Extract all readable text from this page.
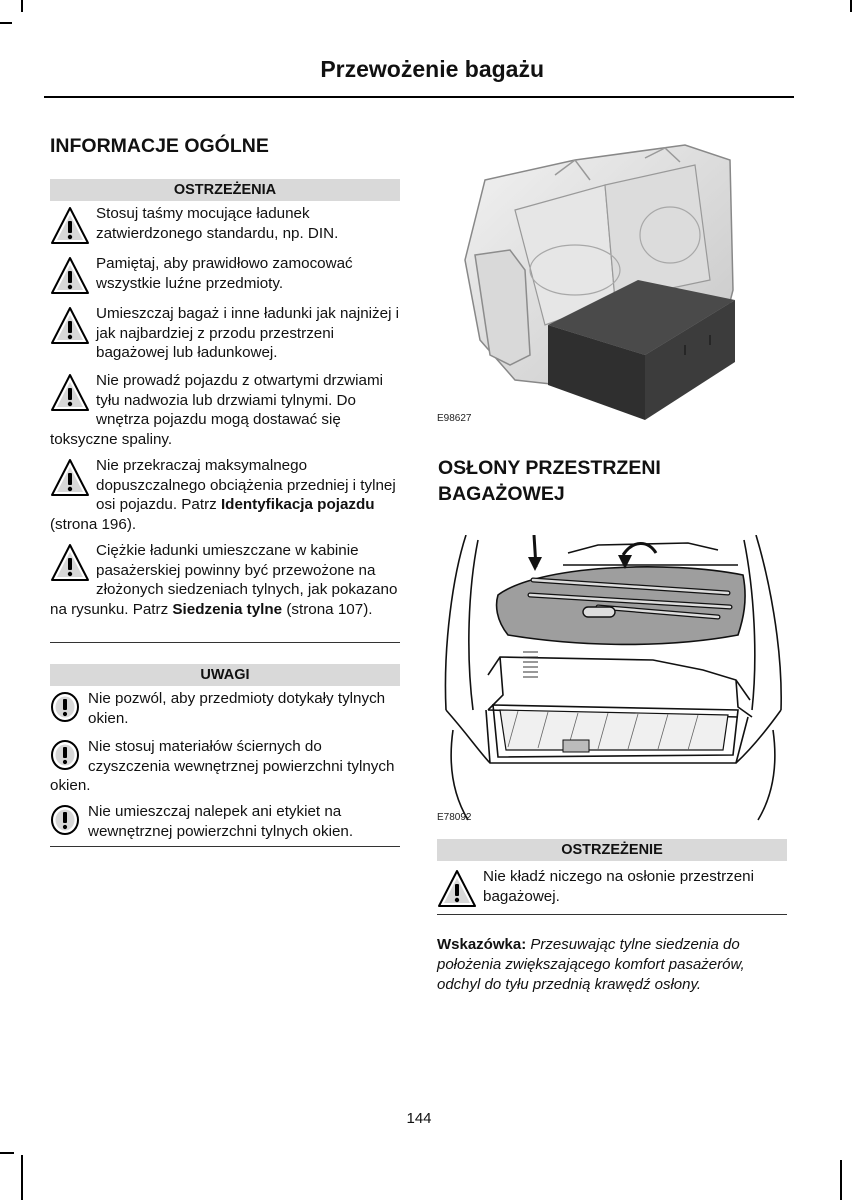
Przewożenie bagażu
INFORMACJE OGÓLNE
OSTRZEŻENIA
Stosuj taśmy mocujące ładunek zatwierdzonego standardu, np. DIN.
Pamiętaj, aby prawidłowo zamocować wszystkie luźne przedmioty.
Umieszczaj bagaż i inne ładunki jak najniżej i jak najbardziej z przodu przestrzeni bagażowej lub ładunkowej.
Nie prowadź pojazdu z otwartymi drzwiami tyłu nadwozia lub drzwiami tylnymi. Do wnętrza pojazdu mogą dostawać się toksyczne spaliny.
Nie przekraczaj maksymalnego dopuszczalnego obciążenia przedniej i tylnej osi pojazdu. Patrz Identyfikacja pojazdu (strona 196).
Ciężkie ładunki umieszczane w kabinie pasażerskiej powinny być przewożone na złożonych siedzeniach tylnych, jak pokazano na rysunku. Patrz Siedzenia tylne (strona 107).
UWAGI
Nie pozwól, aby przedmioty dotykały tylnych okien.
Nie stosuj materiałów ściernych do czyszczenia wewnętrznej powierzchni tylnych okien.
Nie umieszczaj nalepek ani etykiet na wewnętrznej powierzchni tylnych okien.
E98627
OSŁONY PRZESTRZENI
BAGAŻOWEJ
E78092
OSTRZEŻENIE
Nie kładź niczego na osłonie przestrzeni bagażowej.
Wskazówka: Przesuwając tylne siedzenia do położenia zwiększającego komfort pasażerów, odchyl do tyłu przednią krawędź osłony.
144
